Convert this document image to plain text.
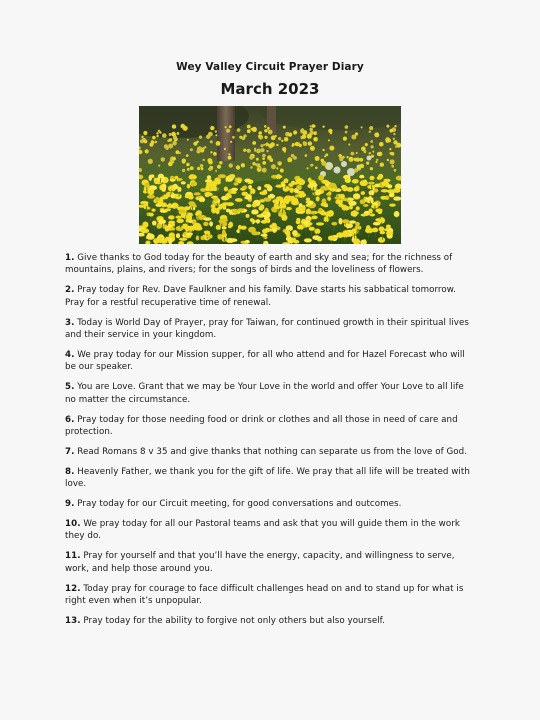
Wey Valley Circuit Prayer Diary
March 2023

1. Give thanks to God today for the beauty of earth and sky and sea; for the richness of mountains, plains, and rivers; for the songs of birds and the loveliness of flowers.

2. Pray today for Rev. Dave Faulkner and his family. Dave starts his sabbatical tomorrow. Pray for a restful recuperative time of renewal.

3. Today is World Day of Prayer, pray for Taiwan, for continued growth in their spiritual lives and their service in your kingdom.

4. We pray today for our Mission supper, for all who attend and for Hazel Forecast who will be our speaker.

5. You are Love. Grant that we may be Your Love in the world and offer Your Love to all life no matter the circumstance.

6. Pray today for those needing food or drink or clothes and all those in need of care and protection.

7. Read Romans 8 v 35 and give thanks that nothing can separate us from the love of God.

8. Heavenly Father, we thank you for the gift of life. We pray that all life will be treated with love.

9. Pray today for our Circuit meeting, for good conversations and outcomes.

10. We pray today for all our Pastoral teams and ask that you will guide them in the work they do.

11. Pray for yourself and that you’ll have the energy, capacity, and willingness to serve, work, and help those around you.

12. Today pray for courage to face difficult challenges head on and to stand up for what is right even when it’s unpopular.

13. Pray today for the ability to forgive not only others but also yourself.
